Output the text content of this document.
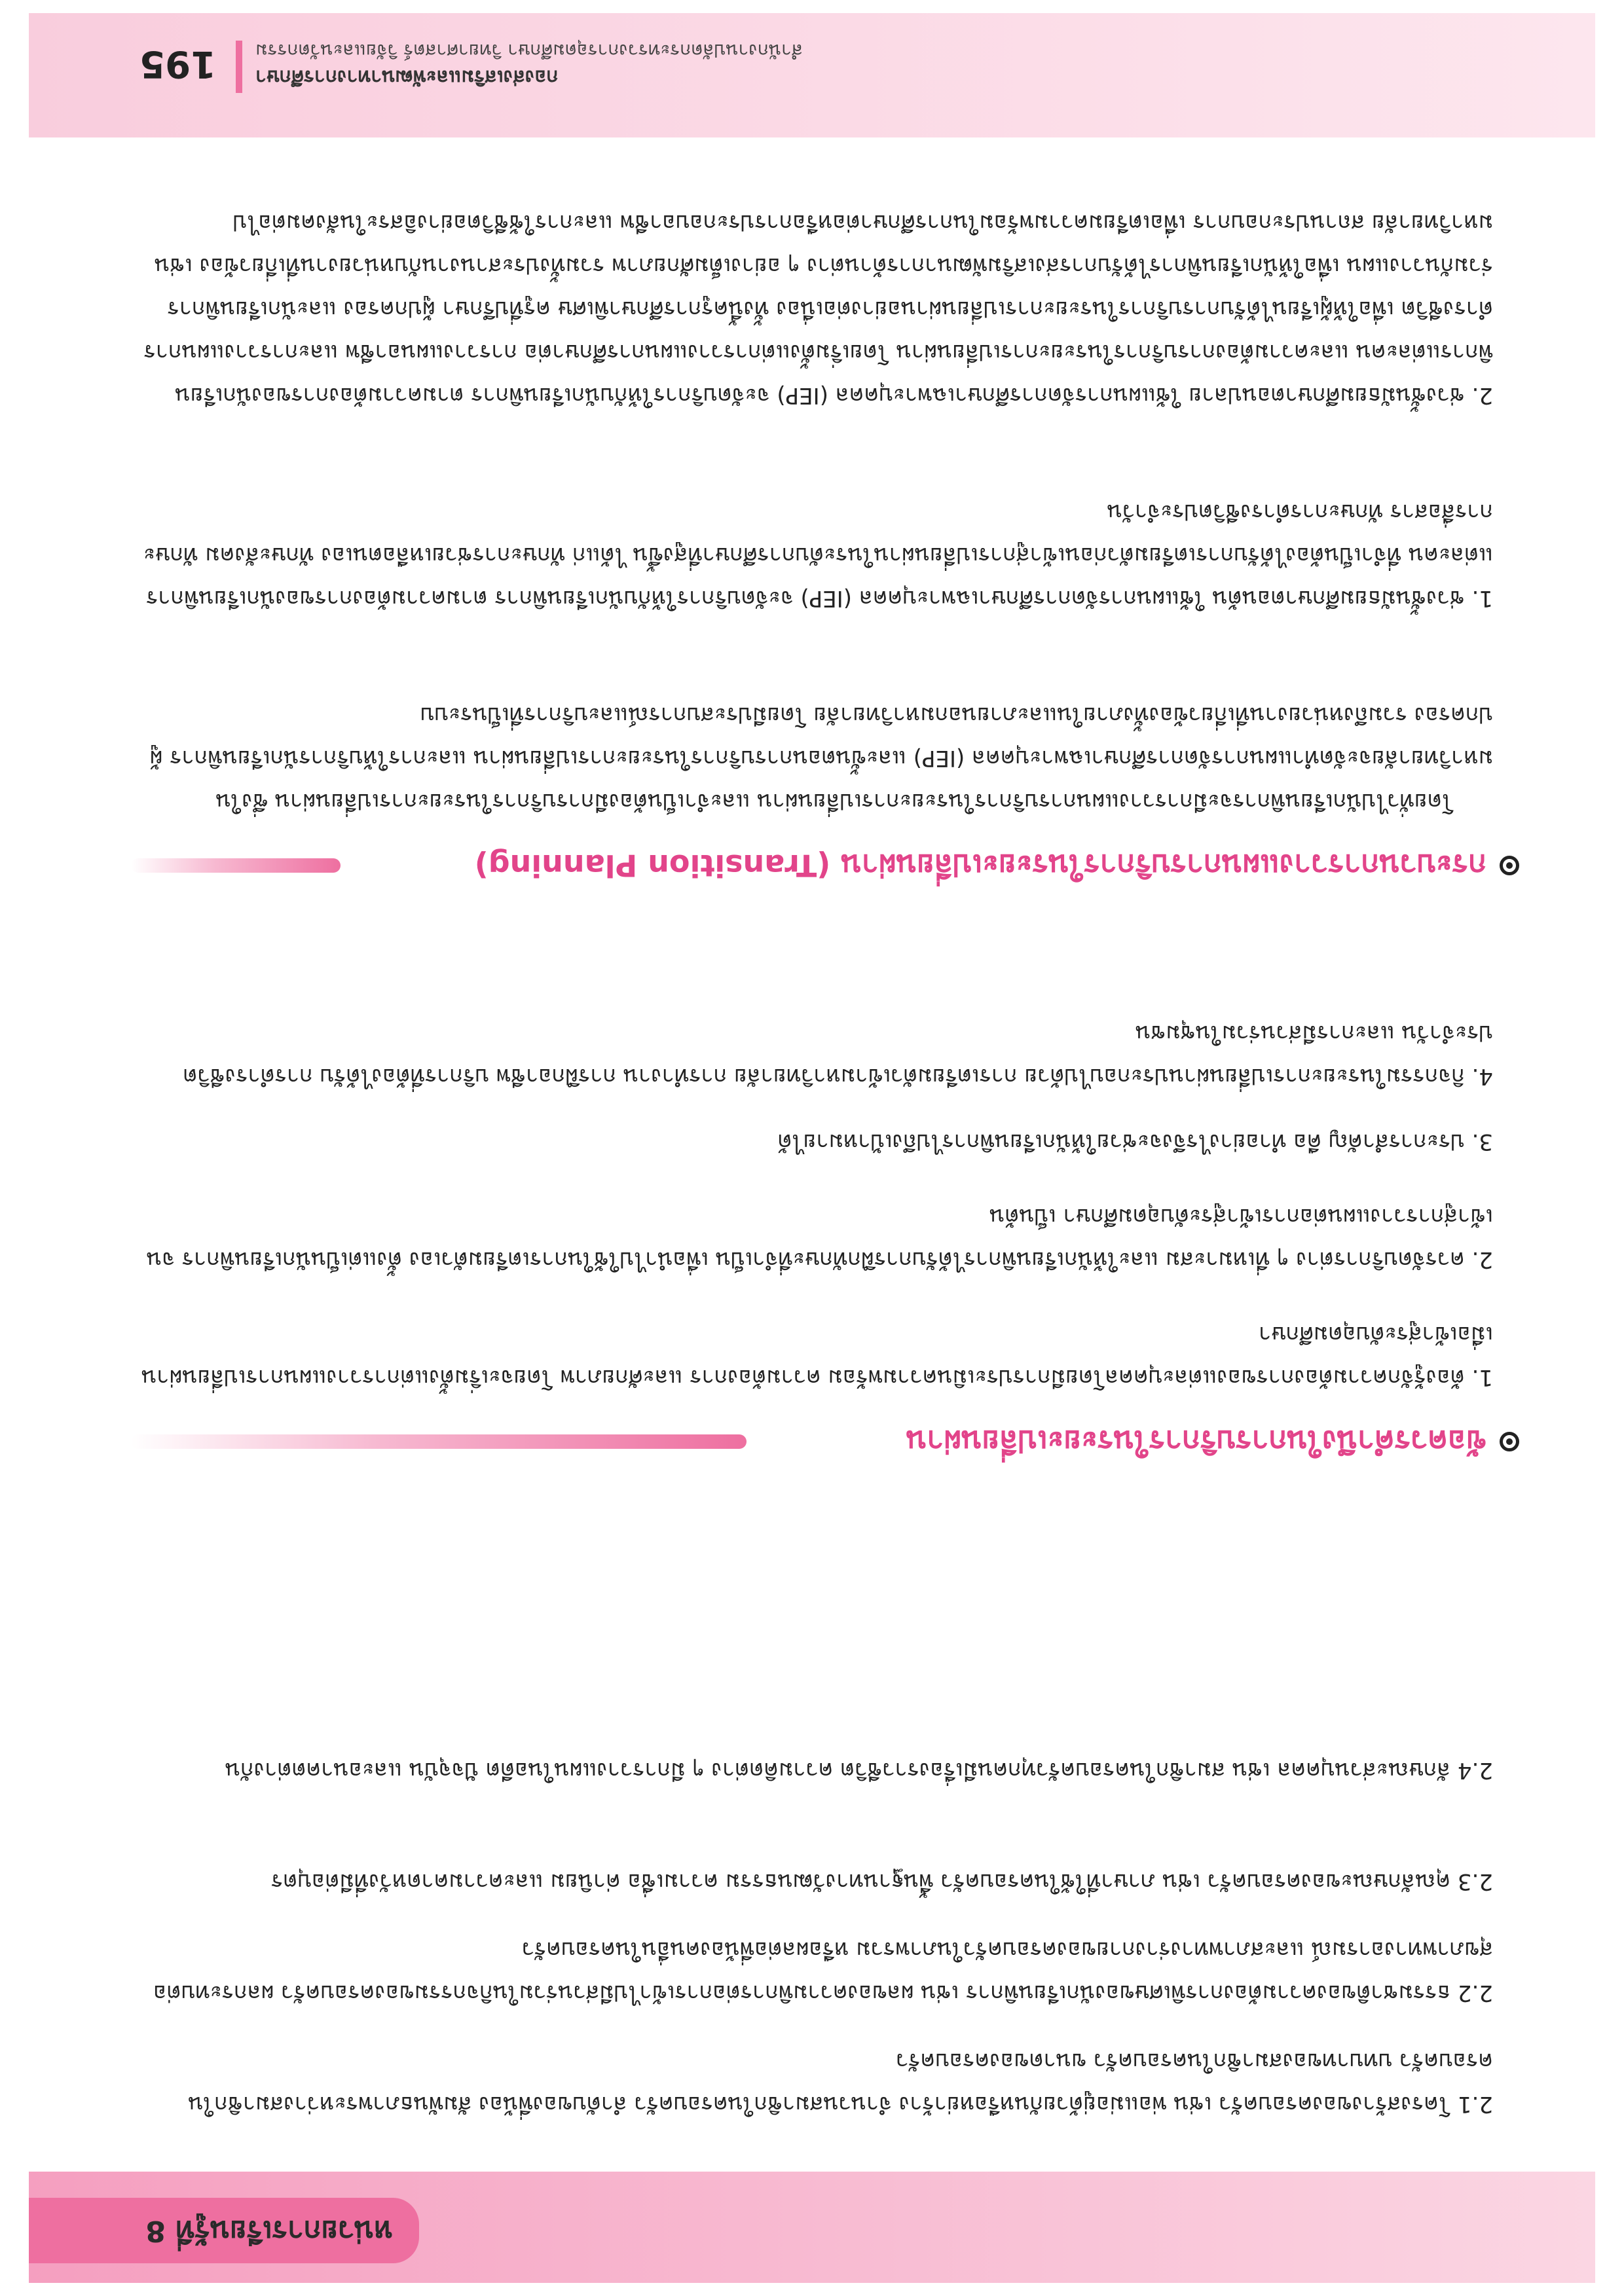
195 กองส่งเสริมและพัฒนาทางการศึกษา
สำนักงานปลัดกระทรวงการอุดมศึกษา วิทยาศาสตร์ วิจัยและนวัตกรรม
หน่วยการเรียนรู้ที่ 8
2.1 โครงสร้างของครอบครัว เช่น พ่อแม่อยู่ด้วยกันหรือหย่าร้าง จำนวนสมาชิกในครอบครัว ลำดับของพี่น้อง สัมพันธภาพระหว่างสมาชิกในครอบครัว บทบาทของสมาชิกในครอบครัว ขนาดของครอบครัว
2.2 ธรรมชาติของความต้องการพิเศษของนักเรียนพิการ เช่น ผลของความพิการต่อการเข้าไปมีส่วนร่วมในกิจกรรมของครอบครัว ผลกระทบต่อสุขภาพทางอารมณ์ และสภาพทางร่างกายของครอบครัวในภาพรวม หรือผลต่อพี่น้องคนอื่นในครอบครัว
2.3 คุณลักษณะของครอบครัว เช่น ภาษาที่ใช้ในครอบครัว พื้นฐานทางวัฒนธรรม ความเชื่อ ค่านิยม และความคาดหวังที่มีต่อบุตร
2.4 ลักษณะส่วนบุคคล เช่น สมาชิกในครอบครัวทุกคนมีเรื่องราวชีวิต ความคิดต่าง ๆ มีการวางแผนในอดีต ปัจจุบัน และอนาคตต่างกัน
ข้อควรคำนึงในการบริการในระยะเปลี่ยนผ่าน
1. ต้องรู้จักความต้องการของแต่ละบุคคลโดยมีการประเมินความพร้อม ความต้องการ และศักยภาพ โดยจะเริ่มตั้งแต่การวางแผนการเปลี่ยนผ่านเมื่อเข้าสู่ระดับอุดมศึกษา
2. ควรจัดบริการต่าง ๆ ที่เหมาะสม และให้นักเรียนพิการได้รับการฝึกทักษะที่จำเป็น เพื่อนำไปใช้ในการเตรียมตัวเอง ตั้งแต่เป็นนักเรียนพิการ จนเข้าสู่การวางแผนต่อการเข้าสู่ระดับอุดมศึกษา เป็นต้น
3. ประการสำคัญ คือ ทำอย่างไรจึงจะช่วยให้นักเรียนพิการไปถึงเป้าหมายได้
4. กิจกรรมในระยะการเปลี่ยนผ่านประกอบไปด้วย การเตรียมตัวเข้ามหาวิทยาลัย การทำงาน การฝึกอาชีพ บริการที่ต้องได้รับ การดำรงชีวิตประจำวัน และการมีส่วนร่วมในชุมชน
กระบวนการวางแผนการบริการในระยะเปลี่ยนผ่าน (Transition Planning)
โดยทั่วไปนักเรียนพิการจะมีการวางแผนการบริการในระยะการเปลี่ยนผ่าน และจำเป็นต้องมีการบริการในระยะการเปลี่ยนผ่าน ซึ่งในมหาวิทยาลัยจะจัดทำแผนการจัดการศึกษาเฉพาะบุคคล (IEP) และขั้นตอนการบริการในระยะการเปลี่ยนผ่าน และการให้บริการนักเรียนพิการ ผู้ปกครอง รวมถึงหน่วยงานที่เกี่ยวข้องทั้งภายในและภายนอกมหาวิทยาลัย โดยมีประสบการณ์และบริการที่เป็นระบบ
1. ช่วงชั้นมัธยมศึกษาตอนต้น ใช้แผนการจัดการศึกษาเฉพาะบุคคล (IEP) จะจัดบริการให้กับนักเรียนพิการ ตามความต้องการของนักเรียนพิการแต่ละคน ที่จำเป็นต้องได้รับการเตรียมตัวก่อนเข้าสู่การเปลี่ยนผ่านในระดับการศึกษาที่สูงขึ้น ได้แก่ ทักษะการช่วยเหลือตนเอง ทักษะสังคม ทักษะการสื่อสาร ทักษะการดำรงชีวิตประจำวัน
2. ช่วงชั้นมัธยมศึกษาตอนปลาย ใช้แผนการจัดการศึกษาเฉพาะบุคคล (IEP) จะจัดบริการให้กับนักเรียนพิการ ตามความต้องการของนักเรียนพิการแต่ละคน และความต้องการบริการในระยะการเปลี่ยนผ่าน โดยเริ่มตั้งแต่การวางแผนการศึกษาต่อ การวางแผนอาชีพ และการวางแผนการดำรงชีวิต เพื่อให้ผู้เรียนได้รับการบริการในระยะการเปลี่ยนผ่านอย่างต่อเนื่อง ทั้งนี้ครูการศึกษาพิเศษ ครูที่ปรึกษา ผู้ปกครอง และนักเรียนพิการร่วมกันวางแผน เพื่อให้นักเรียนพิการได้รับการส่งเสริมพัฒนาการด้านต่าง ๆ อย่างเต็มศักยภาพ รวมทั้งประสานงานกับหน่วยงานที่เกี่ยวข้อง เช่น มหาวิทยาลัย สถานประกอบการ เพื่อเตรียมความพร้อมในการศึกษาต่อหรือการประกอบอาชีพ และการใช้ชีวิตอย่างอิสระในสังคมต่อไป
